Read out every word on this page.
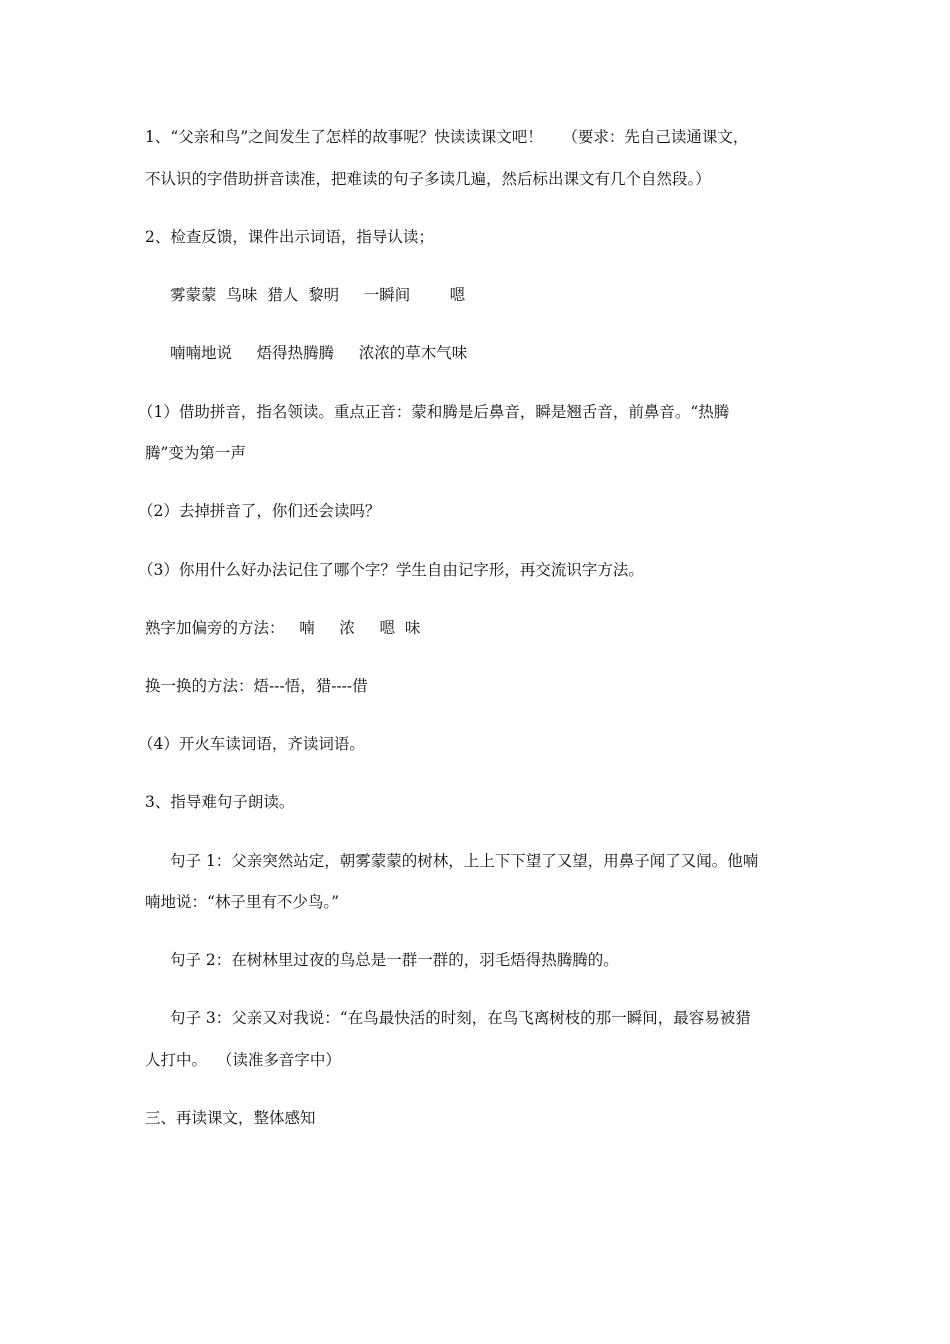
1、“父亲和鸟”之间发生了怎样的故事呢？快读读课文吧！    （要求：先自己读通课文，

不认识的字借助拼音读准，把难读的句子多读几遍，然后标出课文有几个自然段。）

2、检查反馈，课件出示词语，指导认读；

雾蒙蒙  鸟味  猎人  黎明     一瞬间        嗯

喃喃地说     焐得热腾腾     浓浓的草木气味

（1）借助拼音，指名领读。重点正音：蒙和腾是后鼻音，瞬是翘舌音，前鼻音。“热腾

腾”变为第一声

（2）去掉拼音了，你们还会读吗？

（3）你用什么好办法记住了哪个字？学生自由记字形，再交流识字方法。

熟字加偏旁的方法：   喃     浓     嗯  味

换一换的方法：焐---悟，猎----借

（4）开火车读词语，齐读词语。

3、指导难句子朗读。

句子 1：父亲突然站定，朝雾蒙蒙的树林，上上下下望了又望，用鼻子闻了又闻。他喃

喃地说：“林子里有不少鸟。”

句子 2：在树林里过夜的鸟总是一群一群的，羽毛焐得热腾腾的。

句子 3：父亲又对我说：“在鸟最快活的时刻，在鸟飞离树枝的那一瞬间，最容易被猎

人打中。  （读准多音字中）

三、再读课文，整体感知
